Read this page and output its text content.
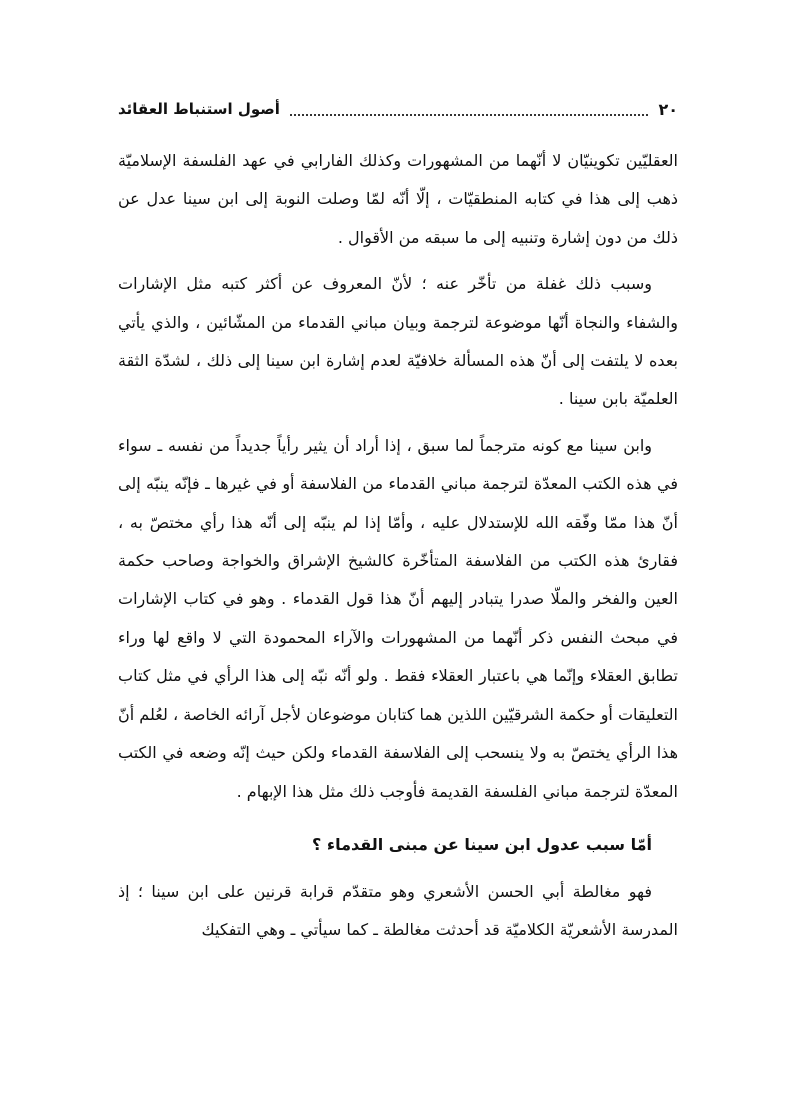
٢٠
أصول استنباط العقائد

العقليّين تكوينيّان لا أنّهما من المشهورات وكذلك الفارابي في عهد الفلسفة الإسلاميّة ذهب إلى هذا في كتابه المنطقيّات ، إلّا أنّه لمّا وصلت النوبة إلى ابن سينا عدل عن ذلك من دون إشارة وتنبيه إلى ما سبقه من الأقوال .

وسبب ذلك غفلة من تأخّر عنه ؛ لأنّ المعروف عن أكثر كتبه مثل الإشارات والشفاء والنجاة أنّها موضوعة لترجمة وبيان مباني القدماء من المشّائين ، والذي يأتي بعده لا يلتفت إلى أنّ هذه المسألة خلافيّة لعدم إشارة ابن سينا إلى ذلك ، لشدّة الثقة العلميّة بابن سينا .

وابن سينا مع كونه مترجماً لما سبق ، إذا أراد أن يثير رأياً جديداً من نفسه ـ سواء في هذه الكتب المعدّة لترجمة مباني القدماء من الفلاسفة أو في غيرها ـ فإنّه ينبّه إلى أنّ هذا ممّا وفّقه الله للإستدلال عليه ، وأمّا إذا لم ينبّه إلى أنّه هذا رأي مختصّ به ، فقارئ هذه الكتب من الفلاسفة المتأخّرة كالشيخ الإشراق والخواجة وصاحب حكمة العين والفخر والملّا صدرا يتبادر إليهم أنّ هذا قول القدماء . وهو في كتاب الإشارات في مبحث النفس ذكر أنّهما من المشهورات والآراء المحمودة التي لا واقع لها وراء تطابق العقلاء وإنّما هي باعتبار العقلاء فقط . ولو أنّه نبّه إلى هذا الرأي في مثل كتاب التعليقات أو حكمة الشرقيّين اللذين هما كتابان موضوعان لأجل آرائه الخاصة ، لعُلم أنّ هذا الرأي يختصّ به ولا ينسحب إلى الفلاسفة القدماء ولكن حيث إنّه وضعه في الكتب المعدّة لترجمة مباني الفلسفة القديمة فأوجب ذلك مثل هذا الإبهام .

أمّا سبب عدول ابن سينا عن مبنى القدماء ؟

فهو مغالطة أبي الحسن الأشعري وهو متقدّم قرابة قرنين على ابن سينا ؛ إذ المدرسة الأشعريّة الكلاميّة قد أحدثت مغالطة ـ كما سيأتي ـ وهي التفكيك
